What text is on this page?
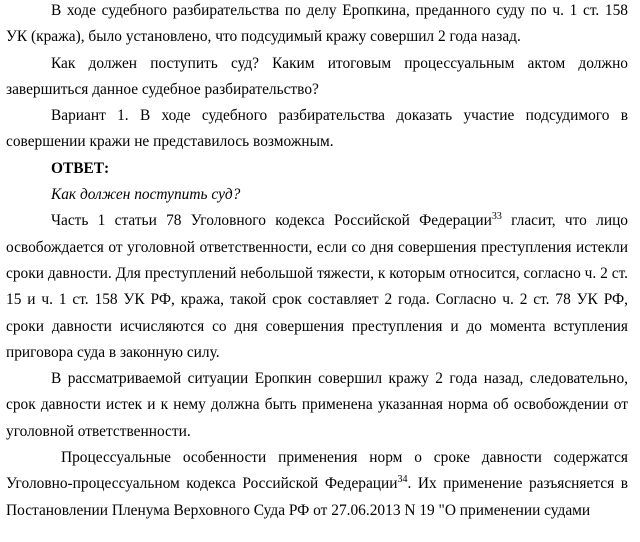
В ходе судебного разбирательства по делу Еропкина, преданного суду по ч. 1 ст. 158 УК (кража), было установлено, что подсудимый кражу совершил 2 года назад.

Как должен поступить суд? Каким итоговым процессуальным актом должно завершиться данное судебное разбирательство?

Вариант 1. В ходе судебного разбирательства доказать участие подсудимого в совершении кражи не представилось возможным.

ОТВЕТ:
Как должен поступить суд?

Часть 1 статьи 78 Уголовного кодекса Российской Федерации$^{33}$ гласит, что лицо освобождается от уголовной ответственности, если со дня совершения преступления истекли сроки давности. Для преступлений небольшой тяжести, к которым относится, согласно ч. 2 ст. 15 и ч. 1 ст. 158 УК РФ, кража, такой срок составляет 2 года. Согласно ч. 2 ст. 78 УК РФ, сроки давности исчисляются со дня совершения преступления и до момента вступления приговора суда в законную силу.

В рассматриваемой ситуации Еропкин совершил кражу 2 года назад, следовательно, срок давности истек и к нему должна быть применена указанная норма об освобождении от уголовной ответственности.

Процессуальные особенности применения норм о сроке давности содержатся Уголовно-процессуальном кодекса Российской Федерации$^{34}$. Их применение разъясняется в Постановлении Пленума Верховного Суда РФ от 27.06.2013 N 19 "О применении судами
